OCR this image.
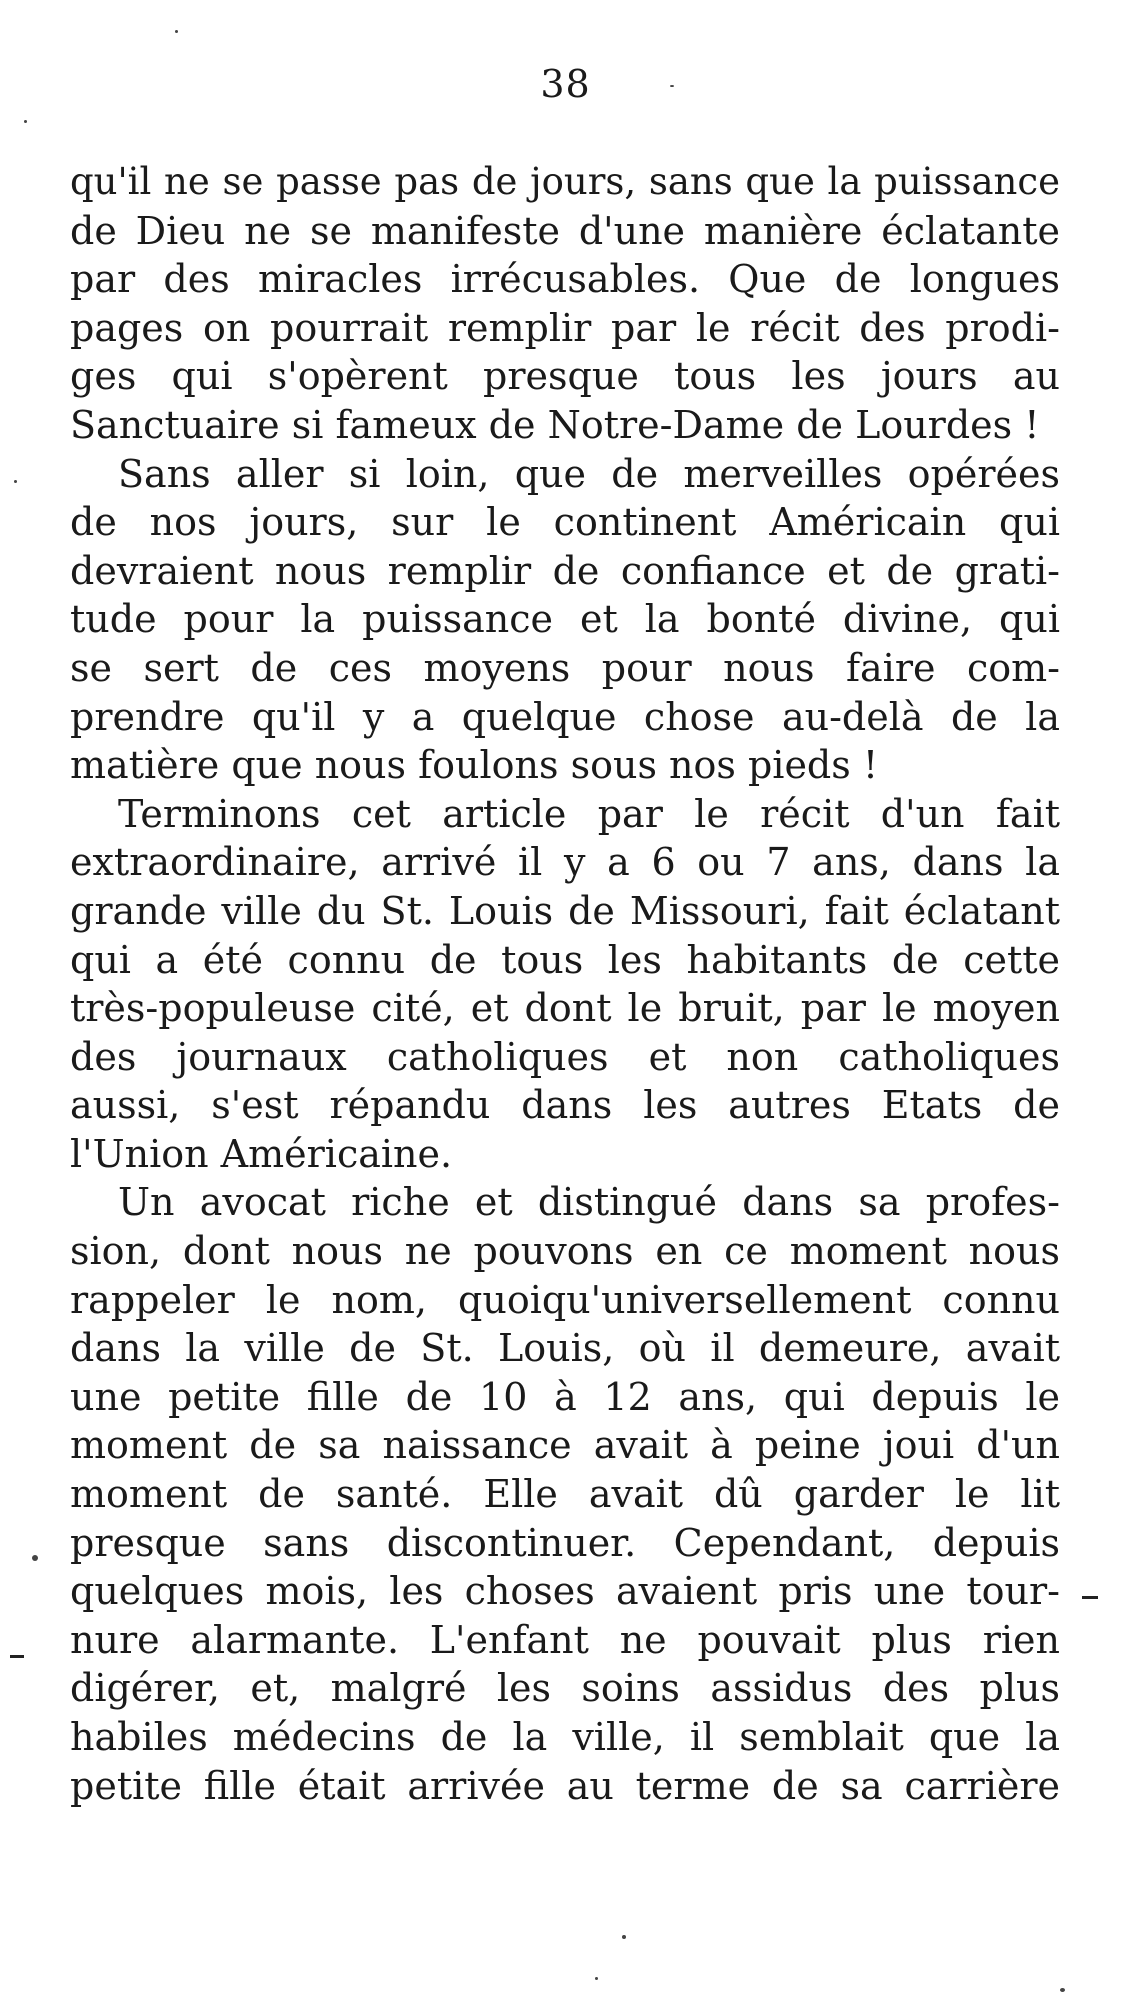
38
qu'il ne se passe pas de jours, sans que la puissance
de Dieu ne se manifeste d'une manière éclatante
par des miracles irrécusables. Que de longues
pages on pourrait remplir par le récit des prodi-
ges qui s'opèrent presque tous les jours au
Sanctuaire si fameux de Notre-Dame de Lourdes !
Sans aller si loin, que de merveilles opérées
de nos jours, sur le continent Américain qui
devraient nous remplir de confiance et de grati-
tude pour la puissance et la bonté divine, qui
se sert de ces moyens pour nous faire com-
prendre qu'il y a quelque chose au-delà de la
matière que nous foulons sous nos pieds !
Terminons cet article par le récit d'un fait
extraordinaire, arrivé il y a 6 ou 7 ans, dans la
grande ville du St. Louis de Missouri, fait éclatant
qui a été connu de tous les habitants de cette
très-populeuse cité, et dont le bruit, par le moyen
des journaux catholiques et non catholiques
aussi, s'est répandu dans les autres Etats de
l'Union Américaine.
Un avocat riche et distingué dans sa profes-
sion, dont nous ne pouvons en ce moment nous
rappeler le nom, quoiqu'universellement connu
dans la ville de St. Louis, où il demeure, avait
une petite fille de 10 à 12 ans, qui depuis le
moment de sa naissance avait à peine joui d'un
moment de santé. Elle avait dû garder le lit
presque sans discontinuer. Cependant, depuis
quelques mois, les choses avaient pris une tour-
nure alarmante. L'enfant ne pouvait plus rien
digérer, et, malgré les soins assidus des plus
habiles médecins de la ville, il semblait que la
petite fille était arrivée au terme de sa carrière
